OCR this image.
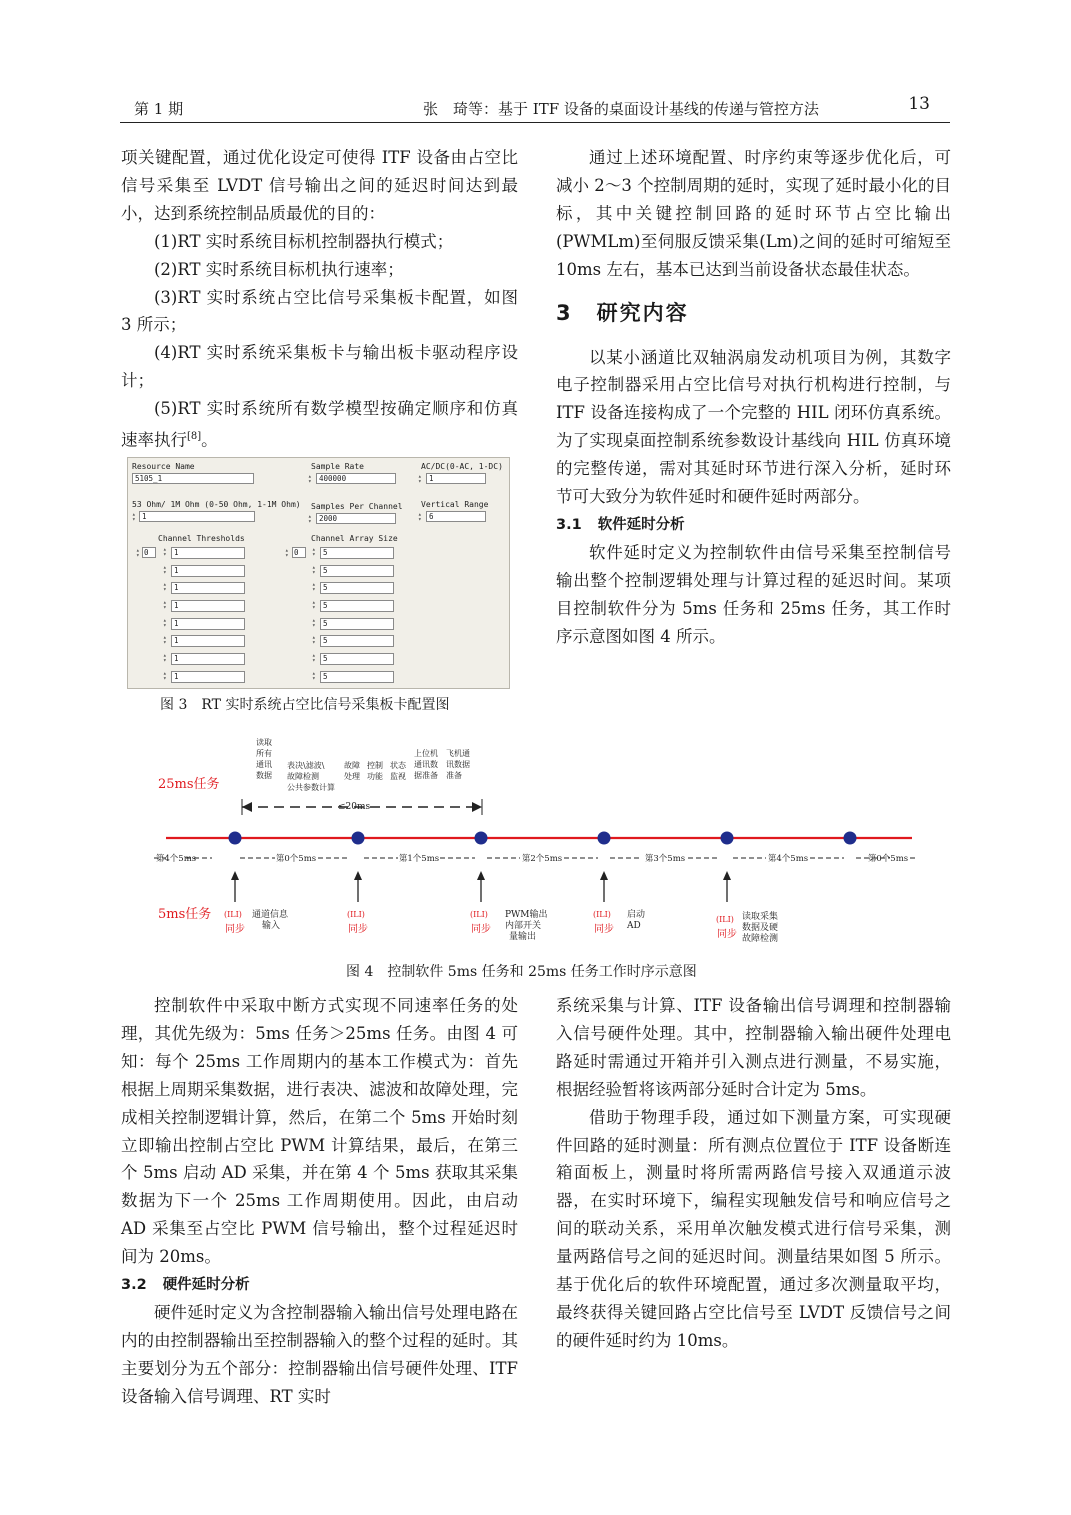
第 1 期	张　琦等：基于 ITF 设备的桌面设计基线的传递与管控方法	13

项关键配置，通过优化设定可使得 ITF 设备由占空比信号采集至 LVDT 信号输出之间的延迟时间达到最小，达到系统控制品质最优的目的：

(1)RT 实时系统目标机控制器执行模式；

(2)RT 实时系统目标机执行速率；

(3)RT 实时系统占空比信号采集板卡配置，如图 3 所示；

(4)RT 实时系统采集板卡与输出板卡驱动程序设计；

(5)RT 实时系统所有数学模型按确定顺序和仿真速率执行[8]。

Resource Name
5105_1
Sample Rate
▴
▾ 400000
AC/DC(0-AC, 1-DC)
▴
▾ 1
53 Ohm/ 1M Ohm (0-50 Ohm, 1-1M Ohm)
▴
▾ 1
Samples Per Channel
▴
▾ 2000
Vertical Range
▴
▾ 6
Channel Thresholds
▴
▾ 0	▴
▾ 1
▴
▾ 1
▴
▾ 1
▴
▾ 1
▴
▾ 1
▴
▾ 1
▴
▾ 1
▴
▾ 1

Channel Array Size
▴
▾ 0	▴
▾ 5
▴
▾ 5
▴
▾ 5
▴
▾ 5
▴
▾ 5
▴
▾ 5
▴
▾ 5
▴
▾ 5

图 3　RT 实时系统占空比信号采集板卡配置图

通过上述环境配置、时序约束等逐步优化后，可减小 2～3 个控制周期的延时，实现了延时最小化的目标，其中关键控制回路的延时环节占空比输出(PWMLm)至伺服反馈采集(Lm)之间的延时可缩短至 10ms 左右，基本已达到当前设备状态最佳状态。

3 研究内容

以某小涵道比双轴涡扇发动机项目为例，其数字电子控制器采用占空比信号对执行机构进行控制，与 ITF 设备连接构成了一个完整的 HIL 闭环仿真系统。为了实现桌面控制系统参数设计基线向 HIL 仿真环境的完整传递，需对其延时环节进行深入分析，延时环节可大致分为软件延时和硬件延时两部分。

3.1 软件延时分析

软件延时定义为控制软件由信号采集至控制信号输出整个控制逻辑处理与计算过程的延迟时间。某项目控制软件分为 5ms 任务和 25ms 任务，其工作时序示意图如图 4 所示。

读取
所有
通讯
数据
表决\滤波\
故障检测
公共参数计算
故障
处理
控制
功能
状态
监视
上位机
通讯数
据准备
飞机通
讯数据
准备
25ms任务
≤20ms
第4个5ms	第0个5ms	第1个5ms	第2个5ms	第3个5ms	第4个5ms	第0个5ms
5ms任务 (ILI)
同步
(ILI)
同步
(ILI)
同步
(ILI)
同步
(ILI)
同步
通道信息
输入
PWM输出
内部开关
量输出
启动
AD
读取采集
数据及硬
故障检测
图 4　控制软件 5ms 任务和 25ms 任务工作时序示意图

控制软件中采取中断方式实现不同速率任务的处理，其优先级为：5ms 任务＞25ms 任务。由图 4 可知：每个 25ms 工作周期内的基本工作模式为：首先根据上周期采集数据，进行表决、滤波和故障处理，完成相关控制逻辑计算，然后，在第二个 5ms 开始时刻立即输出控制占空比 PWM 计算结果，最后，在第三个 5ms 启动 AD 采集，并在第 4 个 5ms 获取其采集数据为下一个 25ms 工作周期使用。因此，由启动 AD 采集至占空比 PWM 信号输出，整个过程延迟时间为 20ms。

3.2 硬件延时分析

硬件延时定义为含控制器输入输出信号处理电路在内的由控制器输出至控制器输入的整个过程的延时。其主要划分为五个部分：控制器输出信号硬件处理、ITF 设备输入信号调理、RT 实时

系统采集与计算、ITF 设备输出信号调理和控制器输入信号硬件处理。其中，控制器输入输出硬件处理电路延时需通过开箱并引入测点进行测量，不易实施，根据经验暂将该两部分延时合计定为 5ms。

借助于物理手段，通过如下测量方案，可实现硬件回路的延时测量：所有测点位置位于 ITF 设备断连箱面板上，测量时将所需两路信号接入双通道示波器，在实时环境下，编程实现触发信号和响应信号之间的联动关系，采用单次触发模式进行信号采集，测量两路信号之间的延迟时间。测量结果如图 5 所示。基于优化后的软件环境配置，通过多次测量取平均，最终获得关键回路占空比信号至 LVDT 反馈信号之间的硬件延时约为 10ms。
